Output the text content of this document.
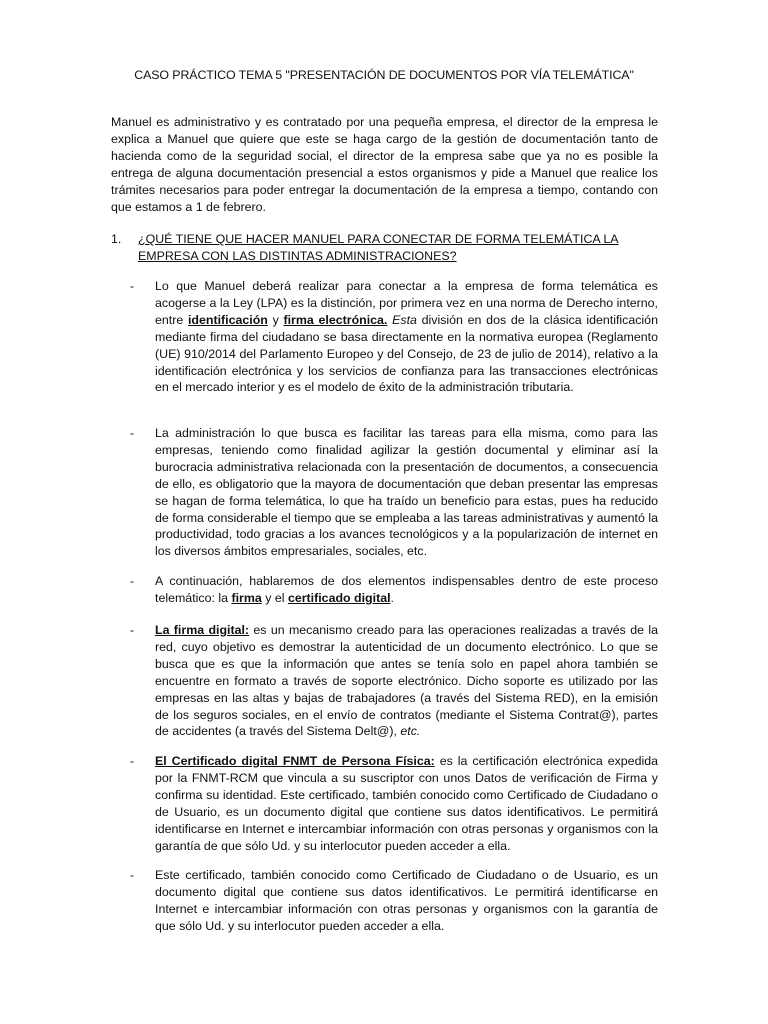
CASO PRÁCTICO TEMA 5 "PRESENTACIÓN DE DOCUMENTOS POR VÍA TELEMÁTICA"
Manuel es administrativo y es contratado por una pequeña empresa, el director de la empresa le explica a Manuel que quiere que este se haga cargo de la gestión de documentación tanto de hacienda como de la seguridad social, el director de la empresa sabe que ya no es posible la entrega de alguna documentación presencial a estos organismos y pide a Manuel que realice los trámites necesarios para poder entregar la documentación de la empresa a tiempo, contando con que estamos a 1 de febrero.
1. ¿QUÉ TIENE QUE HACER MANUEL PARA CONECTAR DE FORMA TELEMÁTICA LA EMPRESA CON LAS DISTINTAS ADMINISTRACIONES?
- Lo que Manuel deberá realizar para conectar a la empresa de forma telemática es acogerse a la Ley (LPA) es la distinción, por primera vez en una norma de Derecho interno, entre identificación y firma electrónica. Esta división en dos de la clásica identificación mediante firma del ciudadano se basa directamente en la normativa europea (Reglamento (UE) 910/2014 del Parlamento Europeo y del Consejo, de 23 de julio de 2014), relativo a la identificación electrónica y los servicios de confianza para las transacciones electrónicas en el mercado interior y es el modelo de éxito de la administración tributaria.
- La administración lo que busca es facilitar las tareas para ella misma, como para las empresas, teniendo como finalidad agilizar la gestión documental y eliminar así la burocracia administrativa relacionada con la presentación de documentos, a consecuencia de ello, es obligatorio que la mayora de documentación que deban presentar las empresas se hagan de forma telemática, lo que ha traído un beneficio para estas, pues ha reducido de forma considerable el tiempo que se empleaba a las tareas administrativas y aumentó la productividad, todo gracias a los avances tecnológicos y a la popularización de internet en los diversos ámbitos empresariales, sociales, etc.
- A continuación, hablaremos de dos elementos indispensables dentro de este proceso telemático: la firma y el certificado digital.
- La firma digital: es un mecanismo creado para las operaciones realizadas a través de la red, cuyo objetivo es demostrar la autenticidad de un documento electrónico. Lo que se busca que es que la información que antes se tenía solo en papel ahora también se encuentre en formato a través de soporte electrónico. Dicho soporte es utilizado por las empresas en las altas y bajas de trabajadores (a través del Sistema RED), en la emisión de los seguros sociales, en el envío de contratos (mediante el Sistema Contrat@), partes de accidentes (a través del Sistema Delt@), etc.
- El Certificado digital FNMT de Persona Física: es la certificación electrónica expedida por la FNMT-RCM que vincula a su suscriptor con unos Datos de verificación de Firma y confirma su identidad. Este certificado, también conocido como Certificado de Ciudadano o de Usuario, es un documento digital que contiene sus datos identificativos. Le permitirá identificarse en Internet e intercambiar información con otras personas y organismos con la garantía de que sólo Ud. y su interlocutor pueden acceder a ella.
- Este certificado, también conocido como Certificado de Ciudadano o de Usuario, es un documento digital que contiene sus datos identificativos. Le permitirá identificarse en Internet e intercambiar información con otras personas y organismos con la garantía de que sólo Ud. y su interlocutor pueden acceder a ella.
